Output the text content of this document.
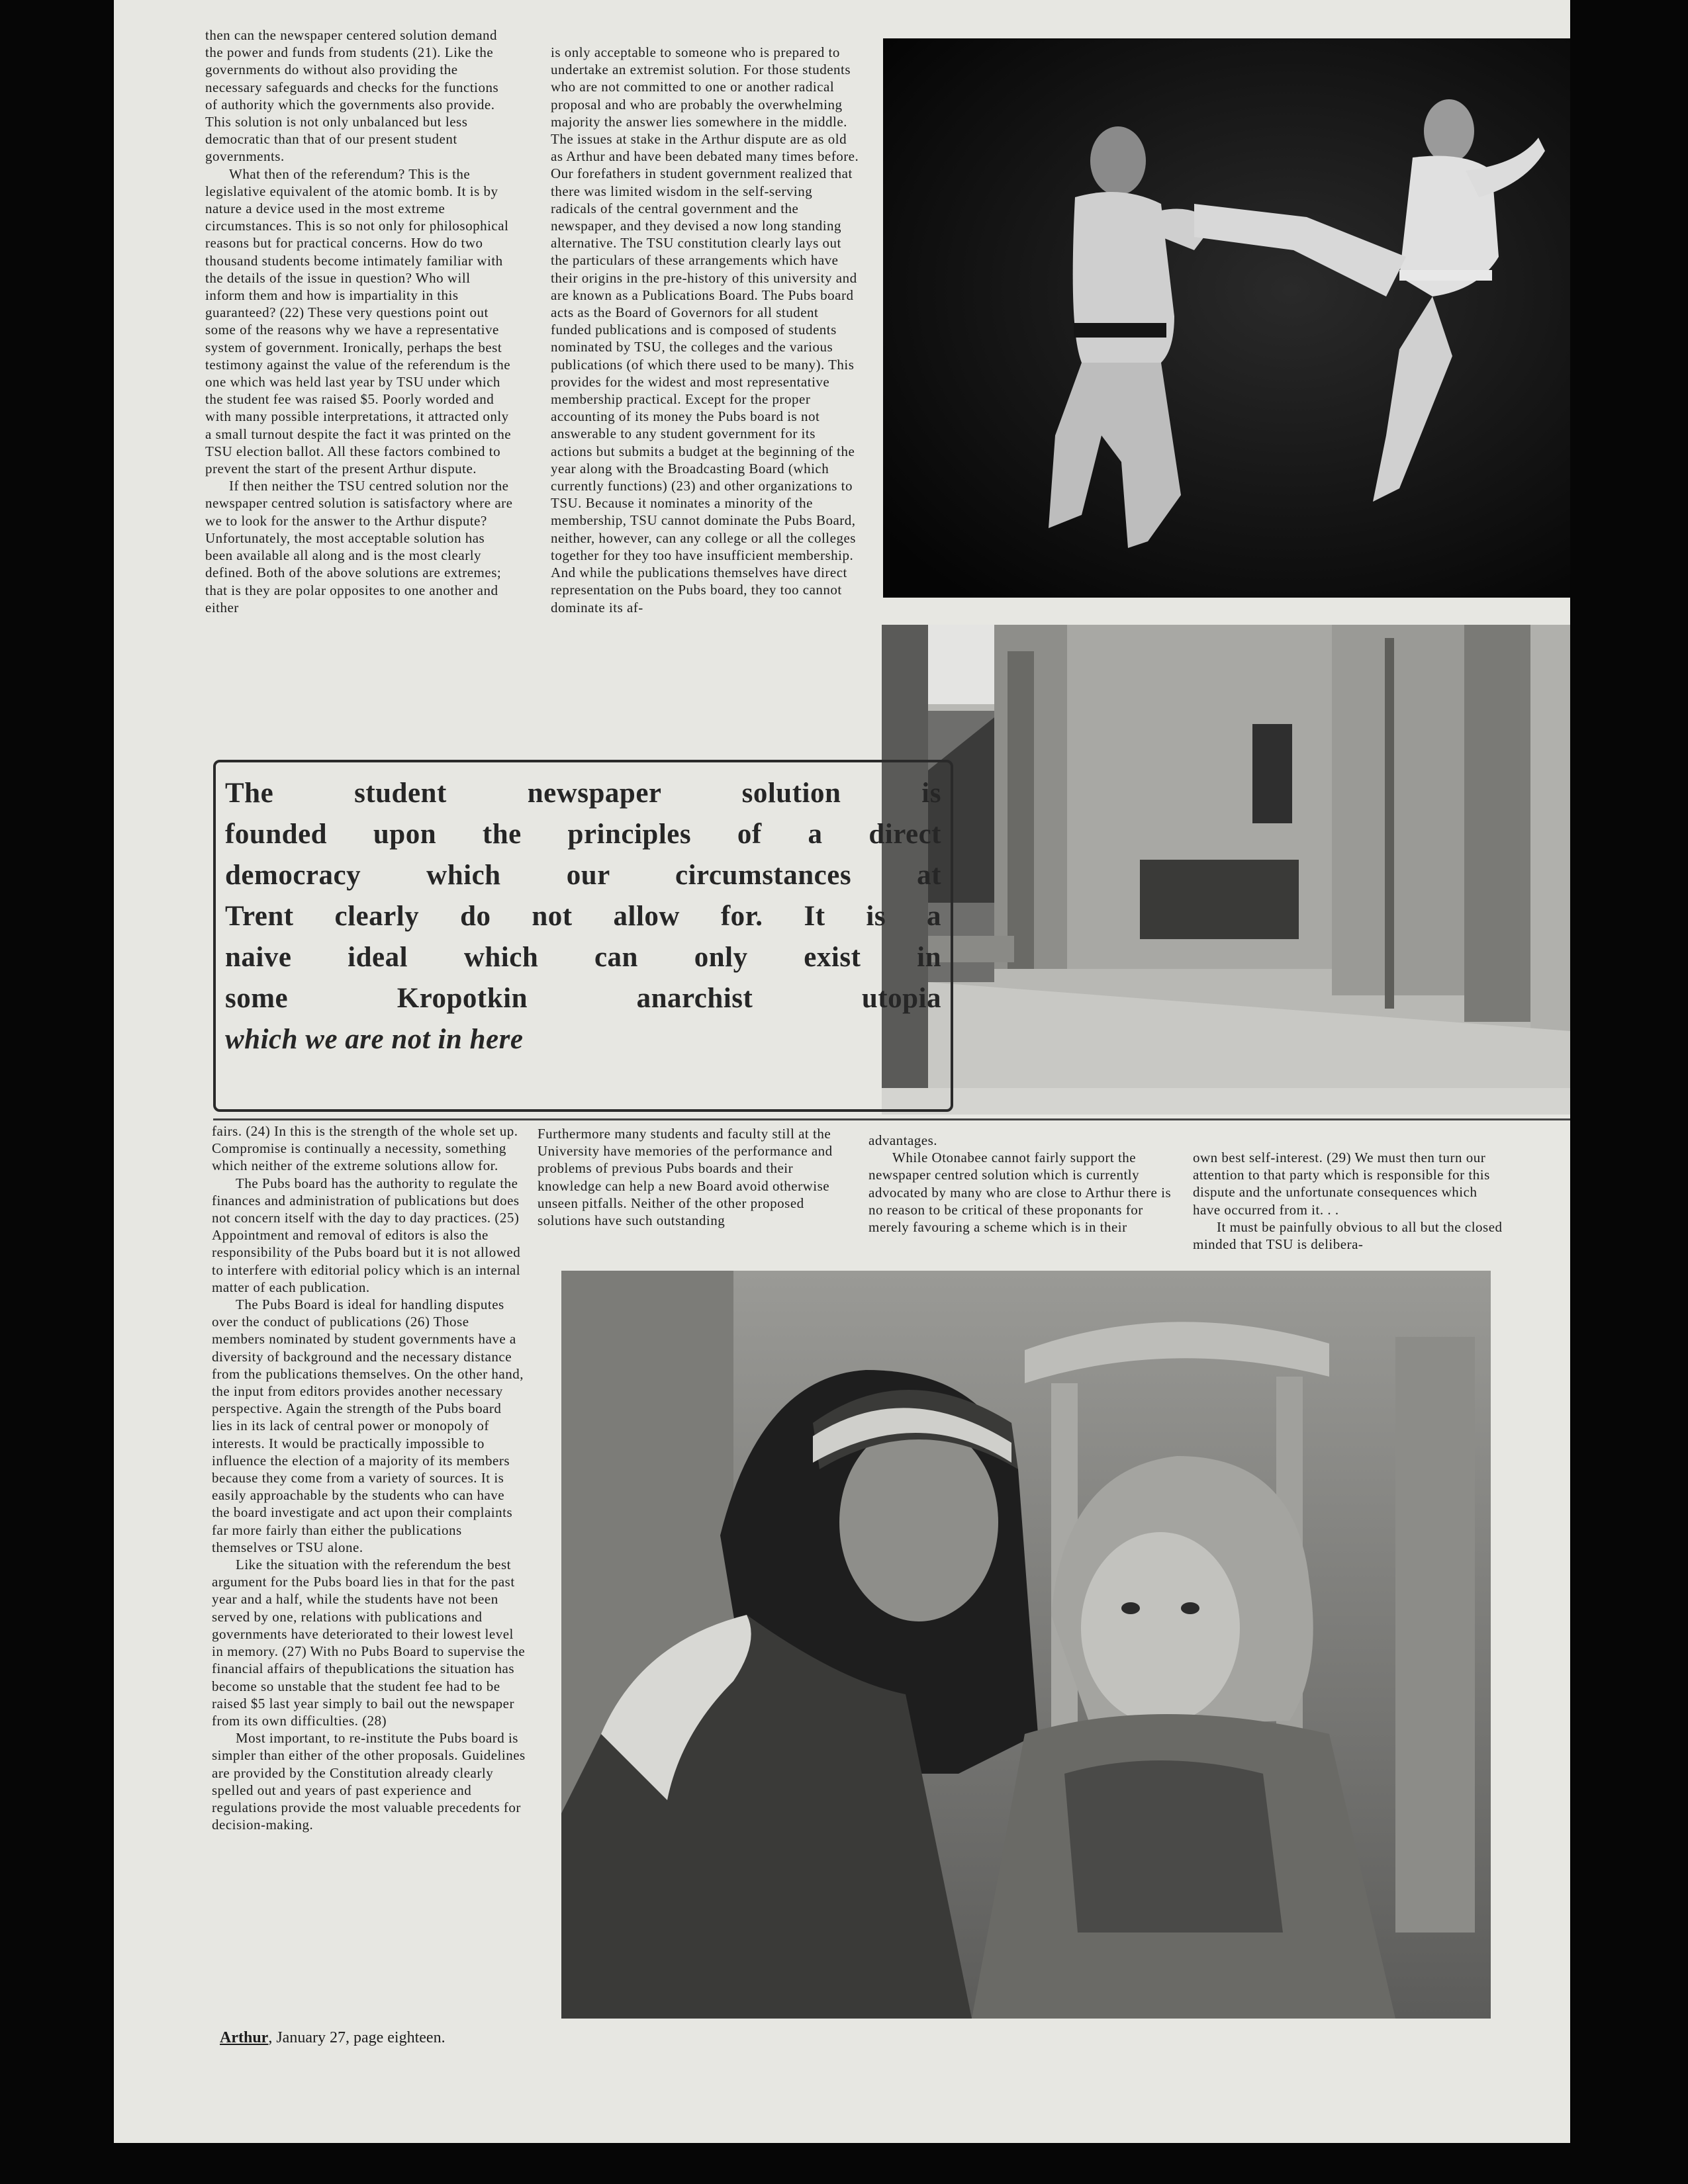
then can the newspaper centered solution demand the power and funds from students (21). Like the governments do without also providing the necessary safeguards and checks for the functions of authority which the governments also provide. This solution is not only unbalanced but less democratic than that of our present student governments.

What then of the referendum? This is the legislative equivalent of the atomic bomb. It is by nature a device used in the most extreme circumstances. This is so not only for philosophical reasons but for practical concerns. How do two thousand students become intimately familiar with the details of the issue in question? Who will inform them and how is impartiality in this guaranteed? (22) These very questions point out some of the reasons why we have a representative system of government. Ironically, perhaps the best testimony against the value of the referendum is the one which was held last year by TSU under which the student fee was raised $5. Poorly worded and with many possible interpretations, it attracted only a small turnout despite the fact it was printed on the TSU election ballot. All these factors combined to prevent the start of the present Arthur dispute.

If then neither the TSU centred solution nor the newspaper centred solution is satisfactory where are we to look for the answer to the Arthur dispute? Unfortunately, the most acceptable solution has been available all along and is the most clearly defined. Both of the above solutions are extremes; that is they are polar opposites to one another and either

is only acceptable to someone who is prepared to undertake an extremist solution. For those students who are not committed to one or another radical proposal and who are probably the overwhelming majority the answer lies somewhere in the middle. The issues at stake in the Arthur dispute are as old as Arthur and have been debated many times before. Our forefathers in student government realized that there was limited wisdom in the self-serving radicals of the central government and the newspaper, and they devised a now long standing alternative. The TSU constitution clearly lays out the particulars of these arrangements which have their origins in the pre-history of this university and are known as a Publications Board. The Pubs board acts as the Board of Governors for all student funded publications and is composed of students nominated by TSU, the colleges and the various publications (of which there used to be many). This provides for the widest and most representative membership practical. Except for the proper accounting of its money the Pubs board is not answerable to any student government for its actions but submits a budget at the beginning of the year along with the Broadcasting Board (which currently functions) (23) and other organizations to TSU. Because it nominates a minority of the membership, TSU cannot dominate the Pubs Board, neither, however, can any college or all the colleges together for they too have insufficient membership. And while the publications themselves have direct representation on the Pubs board, they too cannot dominate its af-

The student newspaper solution is

founded upon the principles of a direct

democracy which our circumstances at

Trent clearly do not allow for. It is a

naive ideal which can only exist in

some Kropotkin anarchist utopia

which we are not in here

fairs. (24) In this is the strength of the whole set up. Compromise is continually a necessity, something which neither of the extreme solutions allow for.

The Pubs board has the authority to regulate the finances and administration of publications but does not concern itself with the day to day practices. (25) Appointment and removal of editors is also the responsibility of the Pubs board but it is not allowed to interfere with editorial policy which is an internal matter of each publication.

The Pubs Board is ideal for handling disputes over the conduct of publications (26) Those members nominated by student governments have a diversity of background and the necessary distance from the publications themselves. On the other hand, the input from editors provides another necessary perspective. Again the strength of the Pubs board lies in its lack of central power or monopoly of interests. It would be practically impossible to influence the election of a majority of its members because they come from a variety of sources. It is easily approachable by the students who can have the board investigate and act upon their complaints far more fairly than either the publications themselves or TSU alone.

Like the situation with the referendum the best argument for the Pubs board lies in that for the past year and a half, while the students have not been served by one, relations with publications and governments have deteriorated to their lowest level in memory. (27) With no Pubs Board to supervise the financial affairs of thepublications the situation has become so unstable that the student fee had to be raised $5 last year simply to bail out the newspaper from its own difficulties. (28)

Most important, to re-institute the Pubs board is simpler than either of the other proposals. Guidelines are provided by the Constitution already clearly spelled out and years of past experience and regulations provide the most valuable precedents for decision-making.

Furthermore many students and faculty still at the University have memories of the performance and problems of previous Pubs boards and their knowledge can help a new Board avoid otherwise unseen pitfalls. Neither of the other proposed solutions have such outstanding

advantages.

While Otonabee cannot fairly support the newspaper centred solution which is currently advocated by many who are close to Arthur there is no reason to be critical of these proponants for merely favouring a scheme which is in their

own best self-interest. (29) We must then turn our attention to that party which is responsible for this dispute and the unfortunate consequences which have occurred from it. . .

It must be painfully obvious to all but the closed minded that TSU is delibera-

Arthur, January 27, page eighteen.
